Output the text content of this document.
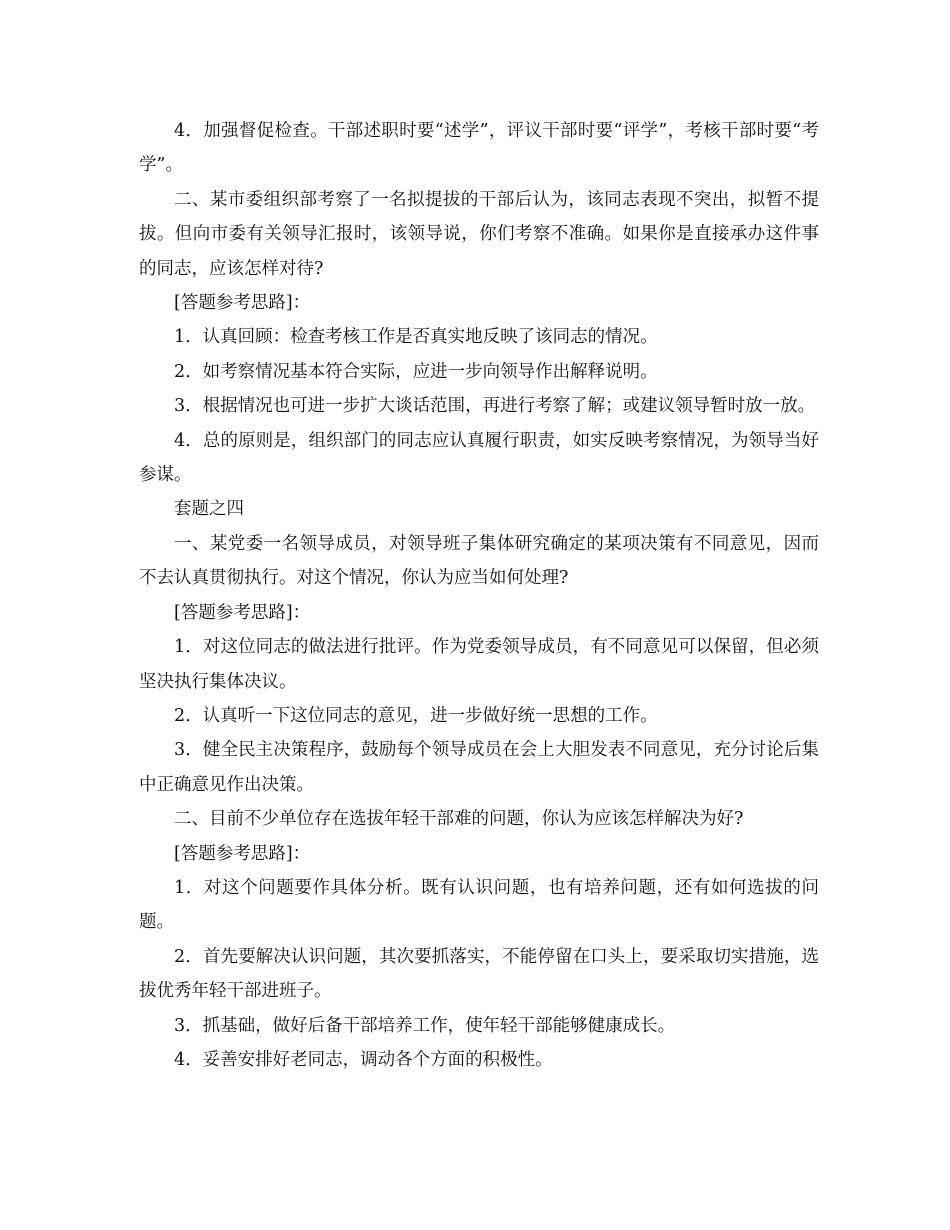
4．加强督促检查。干部述职时要“述学”，评议干部时要“评学”，考核干部时要“考学”。

二、某市委组织部考察了一名拟提拔的干部后认为，该同志表现不突出，拟暂不提拔。但向市委有关领导汇报时，该领导说，你们考察不准确。如果你是直接承办这件事的同志，应该怎样对待?

[答题参考思路]：

1．认真回顾：检查考核工作是否真实地反映了该同志的情况。

2．如考察情况基本符合实际，应进一步向领导作出解释说明。

3．根据情况也可进一步扩大谈话范围，再进行考察了解；或建议领导暂时放一放。

4．总的原则是，组织部门的同志应认真履行职责，如实反映考察情况，为领导当好参谋。

套题之四

一、某党委一名领导成员，对领导班子集体研究确定的某项决策有不同意见，因而不去认真贯彻执行。对这个情况，你认为应当如何处理?

[答题参考思路]：

1．对这位同志的做法进行批评。作为党委领导成员，有不同意见可以保留，但必须坚决执行集体决议。

2．认真听一下这位同志的意见，进一步做好统一思想的工作。

3．健全民主决策程序，鼓励每个领导成员在会上大胆发表不同意见，充分讨论后集中正确意见作出决策。

二、目前不少单位存在选拔年轻干部难的问题，你认为应该怎样解决为好?

[答题参考思路]：

1．对这个问题要作具体分析。既有认识问题，也有培养问题，还有如何选拔的问题。

2．首先要解决认识问题，其次要抓落实，不能停留在口头上，要采取切实措施，选拔优秀年轻干部进班子。

3．抓基础，做好后备干部培养工作，使年轻干部能够健康成长。

4．妥善安排好老同志，调动各个方面的积极性。
